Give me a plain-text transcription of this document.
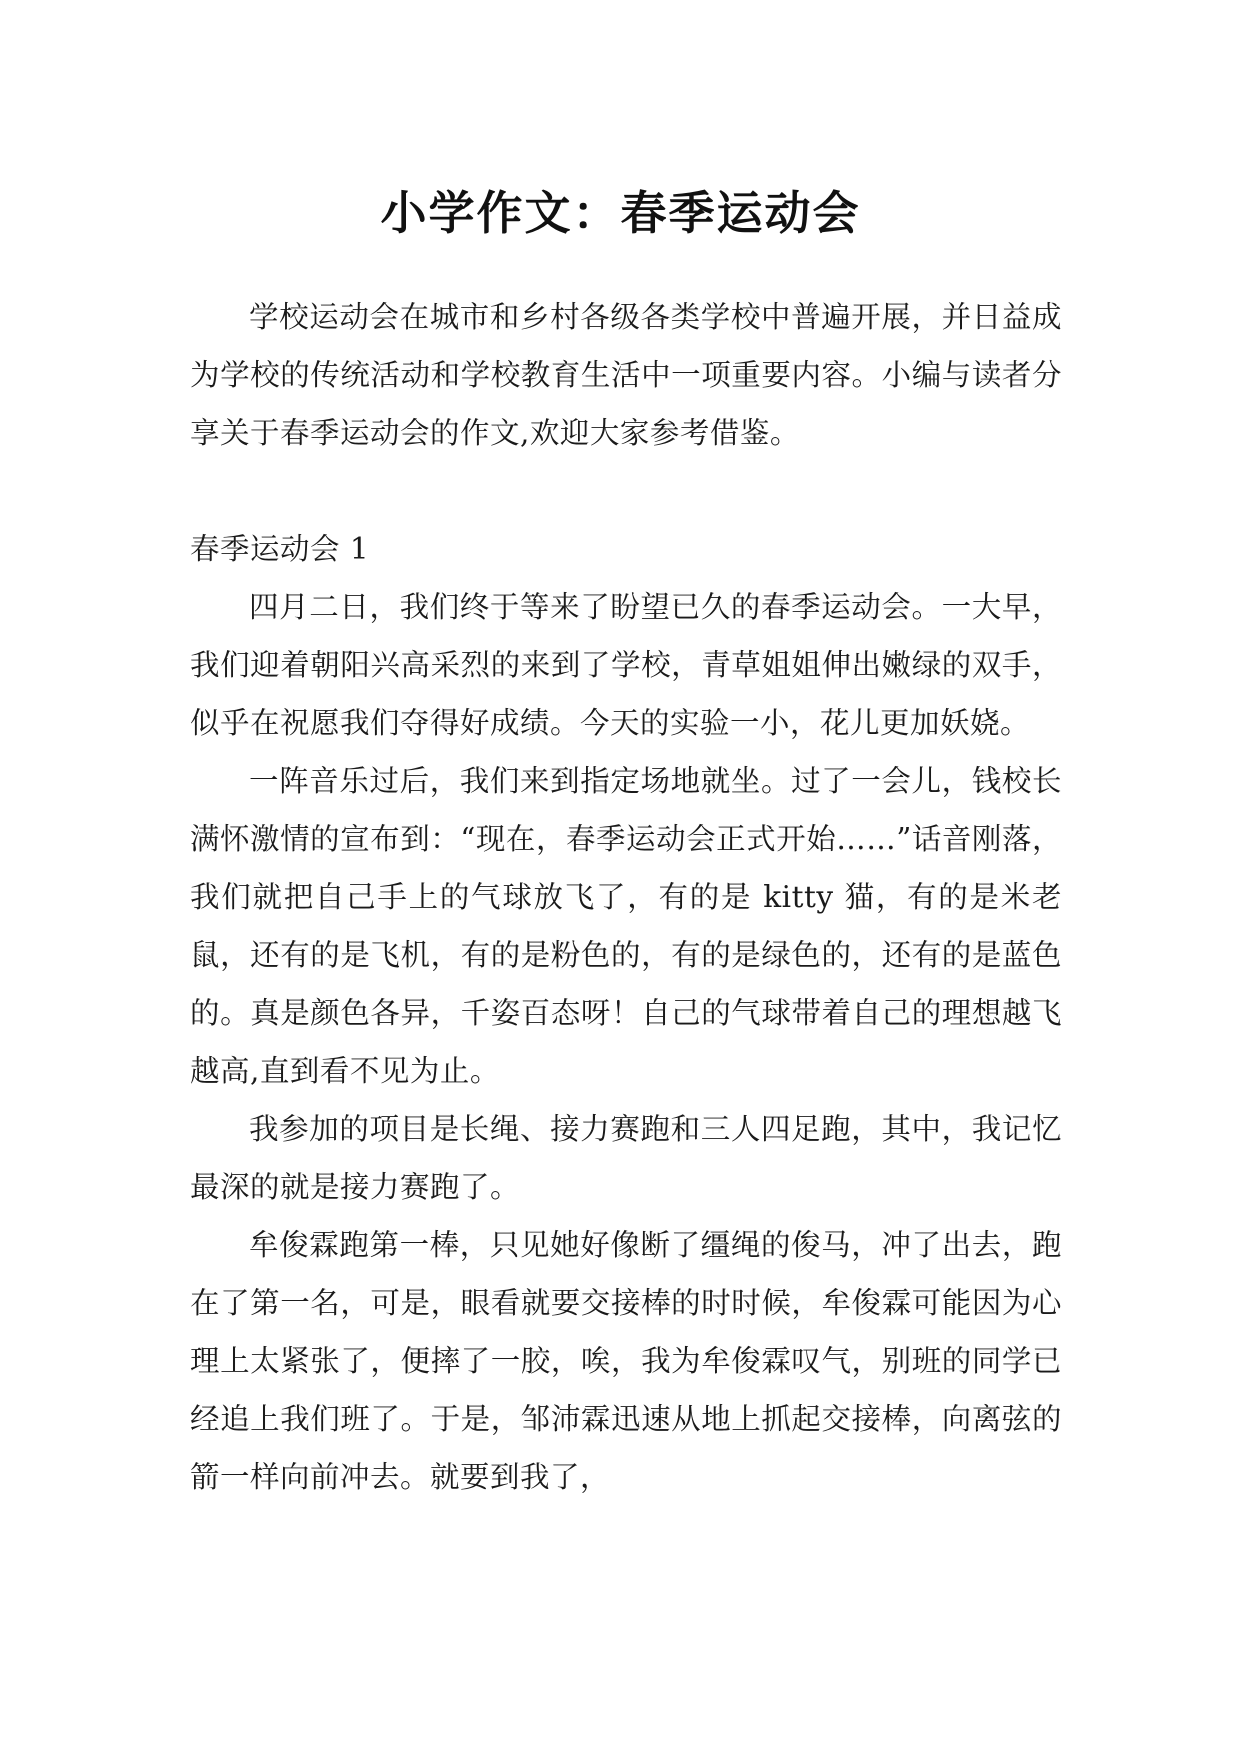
小学作文：春季运动会

学校运动会在城市和乡村各级各类学校中普遍开展，并日益成为学校的传统活动和学校教育生活中一项重要内容。小编与读者分享关于春季运动会的作文,欢迎大家参考借鉴。

春季运动会 1

四月二日，我们终于等来了盼望已久的春季运动会。一大早，我们迎着朝阳兴高采烈的来到了学校，青草姐姐伸出嫩绿的双手，似乎在祝愿我们夺得好成绩。今天的实验一小，花儿更加妖娆。

一阵音乐过后，我们来到指定场地就坐。过了一会儿，钱校长满怀激情的宣布到：“现在，春季运动会正式开始……”话音刚落，我们就把自己手上的气球放飞了，有的是 kitty 猫，有的是米老鼠，还有的是飞机，有的是粉色的，有的是绿色的，还有的是蓝色的。真是颜色各异，千姿百态呀！自己的气球带着自己的理想越飞越高,直到看不见为止。

我参加的项目是长绳、接力赛跑和三人四足跑，其中，我记忆最深的就是接力赛跑了。

牟俊霖跑第一棒，只见她好像断了缰绳的俊马，冲了出去，跑在了第一名，可是，眼看就要交接棒的时时候，牟俊霖可能因为心理上太紧张了，便摔了一胶，唉，我为牟俊霖叹气，别班的同学已经追上我们班了。于是，邹沛霖迅速从地上抓起交接棒，向离弦的箭一样向前冲去。就要到我了，
